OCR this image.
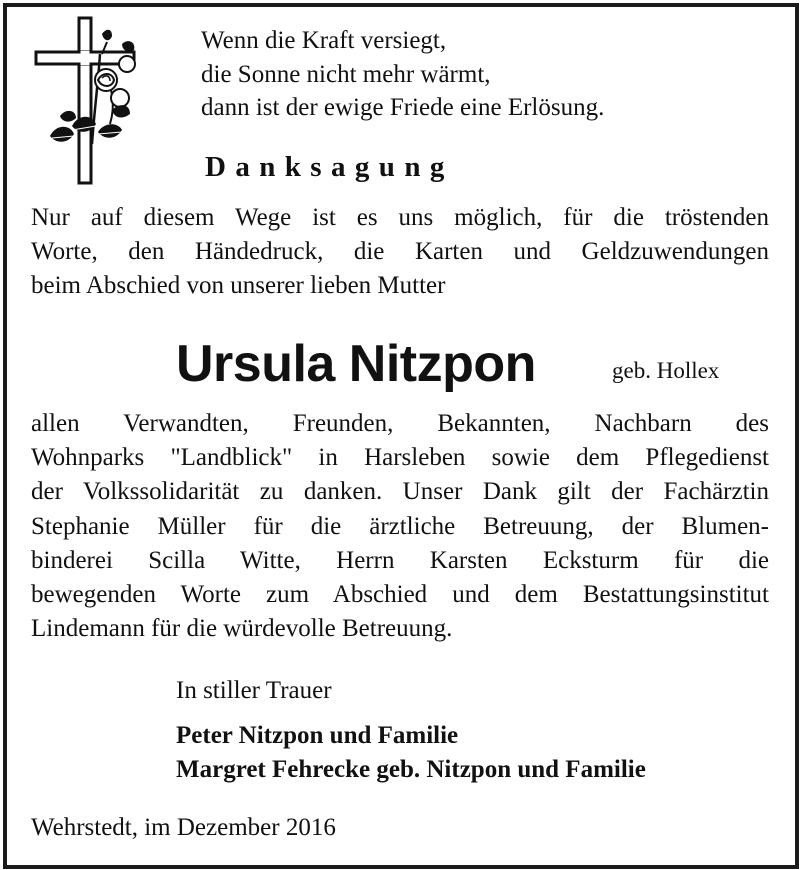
Wenn die Kraft versiegt,
die Sonne nicht mehr wärmt,
dann ist der ewige Friede eine Erlösung.
Danksagung
Nur auf diesem Wege ist es uns möglich, für die tröstenden
Worte, den Händedruck, die Karten und Geldzuwendungen
beim Abschied von unserer lieben Mutter
Ursula Nitzpon	geb. Hollex
allen Verwandten, Freunden, Bekannten, Nachbarn des
Wohnparks "Landblick" in Harsleben sowie dem Pflegedienst
der Volkssolidarität zu danken. Unser Dank gilt der Fachärztin
Stephanie Müller für die ärztliche Betreuung, der Blumen-
binderei Scilla Witte, Herrn Karsten Ecksturm für die
bewegenden Worte zum Abschied und dem Bestattungsinstitut
Lindemann für die würdevolle Betreuung.
In stiller Trauer
Peter Nitzpon und Familie
Margret Fehrecke geb. Nitzpon und Familie
Wehrstedt, im Dezember 2016
